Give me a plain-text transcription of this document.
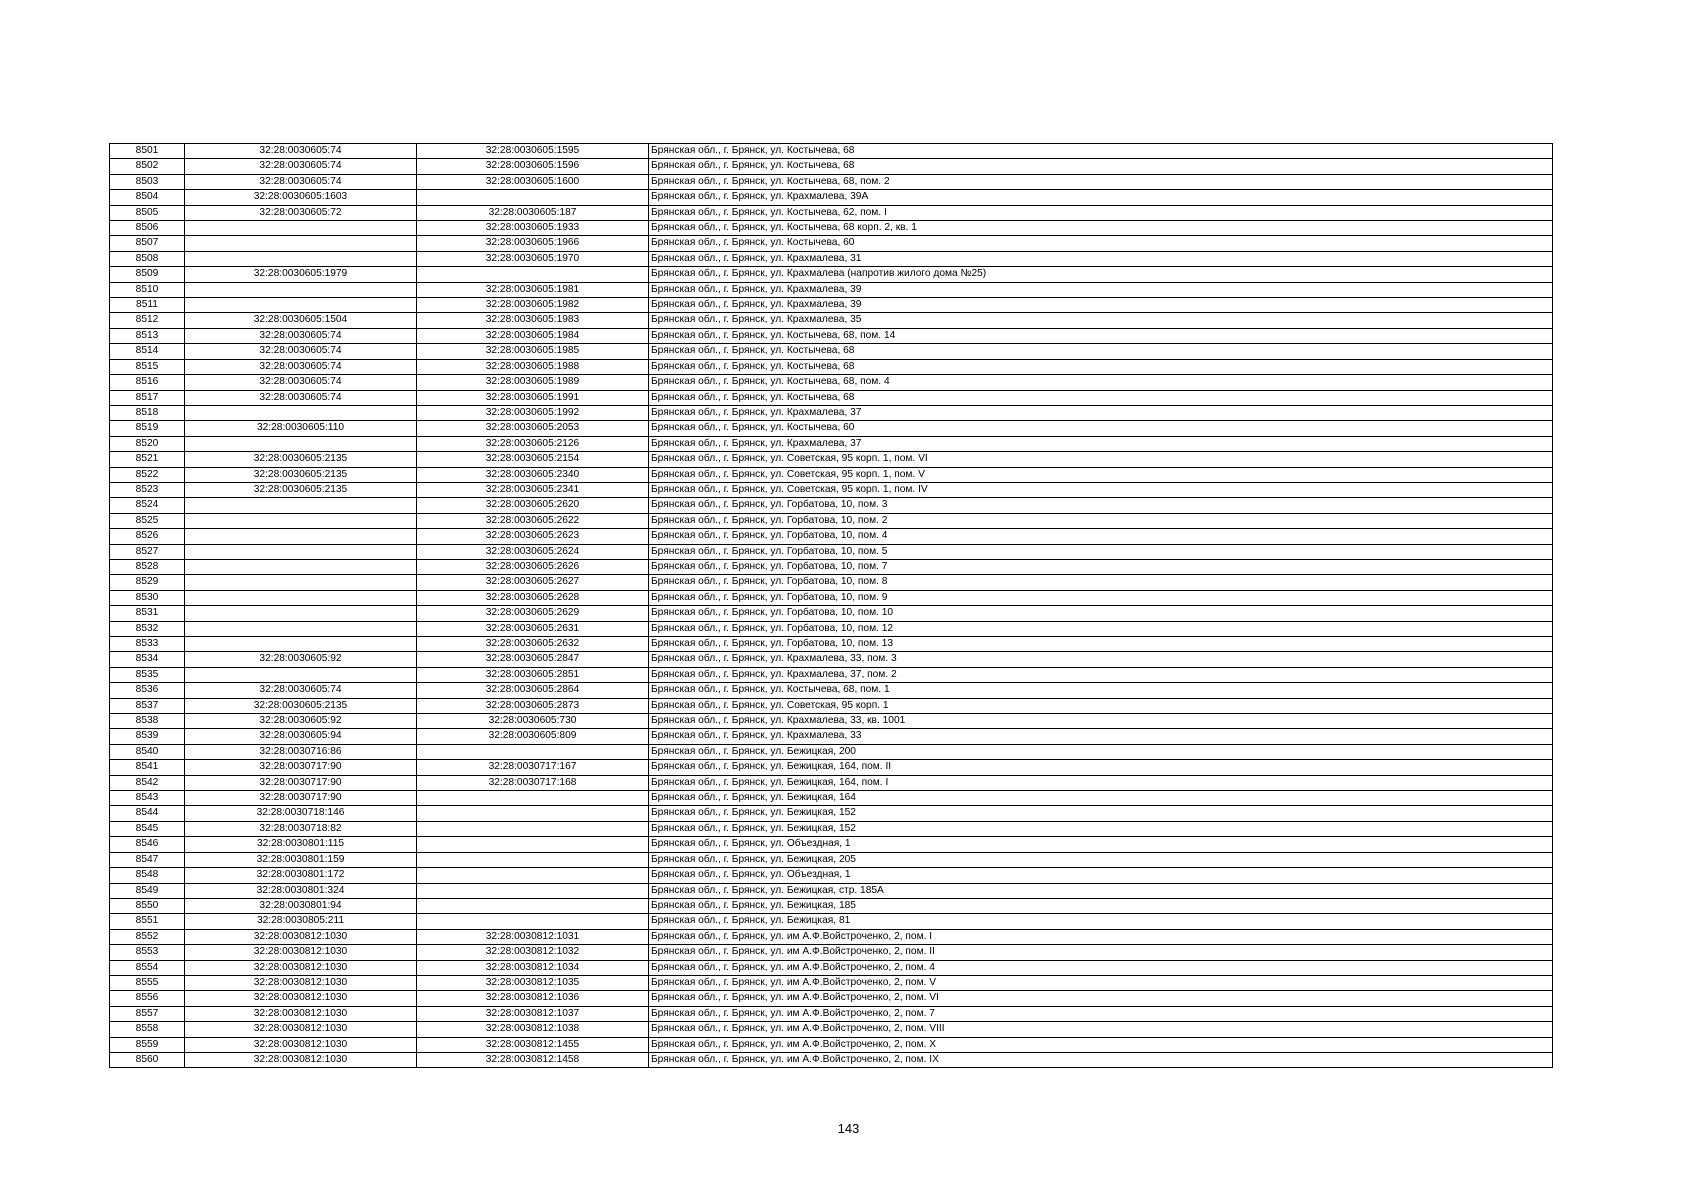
8501	32:28:0030605:74	32:28:0030605:1595	Брянская обл., г. Брянск, ул. Костычева, 68
8502	32:28:0030605:74	32:28:0030605:1596	Брянская обл., г. Брянск, ул. Костычева, 68
8503	32:28:0030605:74	32:28:0030605:1600	Брянская обл., г. Брянск, ул. Костычева, 68, пом. 2
8504	32:28:0030605:1603		Брянская обл., г. Брянск, ул. Крахмалева, 39А
8505	32:28:0030605:72	32:28:0030605:187	Брянская обл., г. Брянск, ул. Костычева, 62, пом. I
8506		32:28:0030605:1933	Брянская обл., г. Брянск, ул. Костычева, 68 корп. 2, кв. 1
8507		32:28:0030605:1966	Брянская обл., г. Брянск, ул. Костычева, 60
8508		32:28:0030605:1970	Брянская обл., г. Брянск, ул. Крахмалева, 31
8509	32:28:0030605:1979		Брянская обл., г. Брянск, ул. Крахмалева (напротив жилого дома №25)
8510		32:28:0030605:1981	Брянская обл., г. Брянск, ул. Крахмалева, 39
8511		32:28:0030605:1982	Брянская обл., г. Брянск, ул. Крахмалева, 39
8512	32:28:0030605:1504	32:28:0030605:1983	Брянская обл., г. Брянск, ул. Крахмалева, 35
8513	32:28:0030605:74	32:28:0030605:1984	Брянская обл., г. Брянск, ул. Костычева, 68, пом. 14
8514	32:28:0030605:74	32:28:0030605:1985	Брянская обл., г. Брянск, ул. Костычева, 68
8515	32:28:0030605:74	32:28:0030605:1988	Брянская обл., г. Брянск, ул. Костычева, 68
8516	32:28:0030605:74	32:28:0030605:1989	Брянская обл., г. Брянск, ул. Костычева, 68, пом. 4
8517	32:28:0030605:74	32:28:0030605:1991	Брянская обл., г. Брянск, ул. Костычева, 68
8518		32:28:0030605:1992	Брянская обл., г. Брянск, ул. Крахмалева, 37
8519	32:28:0030605:110	32:28:0030605:2053	Брянская обл., г. Брянск, ул. Костычева, 60
8520		32:28:0030605:2126	Брянская обл., г. Брянск, ул. Крахмалева, 37
8521	32:28:0030605:2135	32:28:0030605:2154	Брянская обл., г. Брянск, ул. Советская, 95 корп. 1, пом. VI
8522	32:28:0030605:2135	32:28:0030605:2340	Брянская обл., г. Брянск, ул. Советская, 95 корп. 1, пом. V
8523	32:28:0030605:2135	32:28:0030605:2341	Брянская обл., г. Брянск, ул. Советская, 95 корп. 1, пом. IV
8524		32:28:0030605:2620	Брянская обл., г. Брянск, ул. Горбатова, 10, пом. 3
8525		32:28:0030605:2622	Брянская обл., г. Брянск, ул. Горбатова, 10, пом. 2
8526		32:28:0030605:2623	Брянская обл., г. Брянск, ул. Горбатова, 10, пом. 4
8527		32:28:0030605:2624	Брянская обл., г. Брянск, ул. Горбатова, 10, пом. 5
8528		32:28:0030605:2626	Брянская обл., г. Брянск, ул. Горбатова, 10, пом. 7
8529		32:28:0030605:2627	Брянская обл., г. Брянск, ул. Горбатова, 10, пом. 8
8530		32:28:0030605:2628	Брянская обл., г. Брянск, ул. Горбатова, 10, пом. 9
8531		32:28:0030605:2629	Брянская обл., г. Брянск, ул. Горбатова, 10, пом. 10
8532		32:28:0030605:2631	Брянская обл., г. Брянск, ул. Горбатова, 10, пом. 12
8533		32:28:0030605:2632	Брянская обл., г. Брянск, ул. Горбатова, 10, пом. 13
8534	32:28:0030605:92	32:28:0030605:2847	Брянская обл., г. Брянск, ул. Крахмалева, 33, пом. 3
8535		32:28:0030605:2851	Брянская обл., г. Брянск, ул. Крахмалева, 37, пом. 2
8536	32:28:0030605:74	32:28:0030605:2864	Брянская обл., г. Брянск, ул. Костычева, 68, пом. 1
8537	32:28:0030605:2135	32:28:0030605:2873	Брянская обл., г. Брянск, ул. Советская, 95 корп. 1
8538	32:28:0030605:92	32:28:0030605:730	Брянская обл., г. Брянск, ул. Крахмалева, 33, кв. 1001
8539	32:28:0030605:94	32:28:0030605:809	Брянская обл., г. Брянск, ул. Крахмалева, 33
8540	32:28:0030716:86		Брянская обл., г. Брянск, ул. Бежицкая, 200
8541	32:28:0030717:90	32:28:0030717:167	Брянская обл., г. Брянск, ул. Бежицкая, 164, пом. II
8542	32:28:0030717:90	32:28:0030717:168	Брянская обл., г. Брянск, ул. Бежицкая, 164, пом. I
8543	32:28:0030717:90		Брянская обл., г. Брянск, ул. Бежицкая, 164
8544	32:28:0030718:146		Брянская обл., г. Брянск, ул. Бежицкая, 152
8545	32:28:0030718:82		Брянская обл., г. Брянск, ул. Бежицкая, 152
8546	32:28:0030801:115		Брянская обл., г. Брянск, ул. Объездная, 1
8547	32:28:0030801:159		Брянская обл., г. Брянск, ул. Бежицкая, 205
8548	32:28:0030801:172		Брянская обл., г. Брянск, ул. Объездная, 1
8549	32:28:0030801:324		Брянская обл., г. Брянск, ул. Бежицкая, стр. 185А
8550	32:28:0030801:94		Брянская обл., г. Брянск, ул. Бежицкая, 185
8551	32:28:0030805:211		Брянская обл., г. Брянск, ул. Бежицкая, 81
8552	32:28:0030812:1030	32:28:0030812:1031	Брянская обл., г. Брянск, ул. им А.Ф.Войстроченко, 2, пом. I
8553	32:28:0030812:1030	32:28:0030812:1032	Брянская обл., г. Брянск, ул. им А.Ф.Войстроченко, 2, пом. II
8554	32:28:0030812:1030	32:28:0030812:1034	Брянская обл., г. Брянск, ул. им А.Ф.Войстроченко, 2, пом. 4
8555	32:28:0030812:1030	32:28:0030812:1035	Брянская обл., г. Брянск, ул. им А.Ф.Войстроченко, 2, пом. V
8556	32:28:0030812:1030	32:28:0030812:1036	Брянская обл., г. Брянск, ул. им А.Ф.Войстроченко, 2, пом. VI
8557	32:28:0030812:1030	32:28:0030812:1037	Брянская обл., г. Брянск, ул. им А.Ф.Войстроченко, 2, пом. 7
8558	32:28:0030812:1030	32:28:0030812:1038	Брянская обл., г. Брянск, ул. им А.Ф.Войстроченко, 2, пом. VIII
8559	32:28:0030812:1030	32:28:0030812:1455	Брянская обл., г. Брянск, ул. им А.Ф.Войстроченко, 2, пом. X
8560	32:28:0030812:1030	32:28:0030812:1458	Брянская обл., г. Брянск, ул. им А.Ф.Войстроченко, 2, пом. IX
143
